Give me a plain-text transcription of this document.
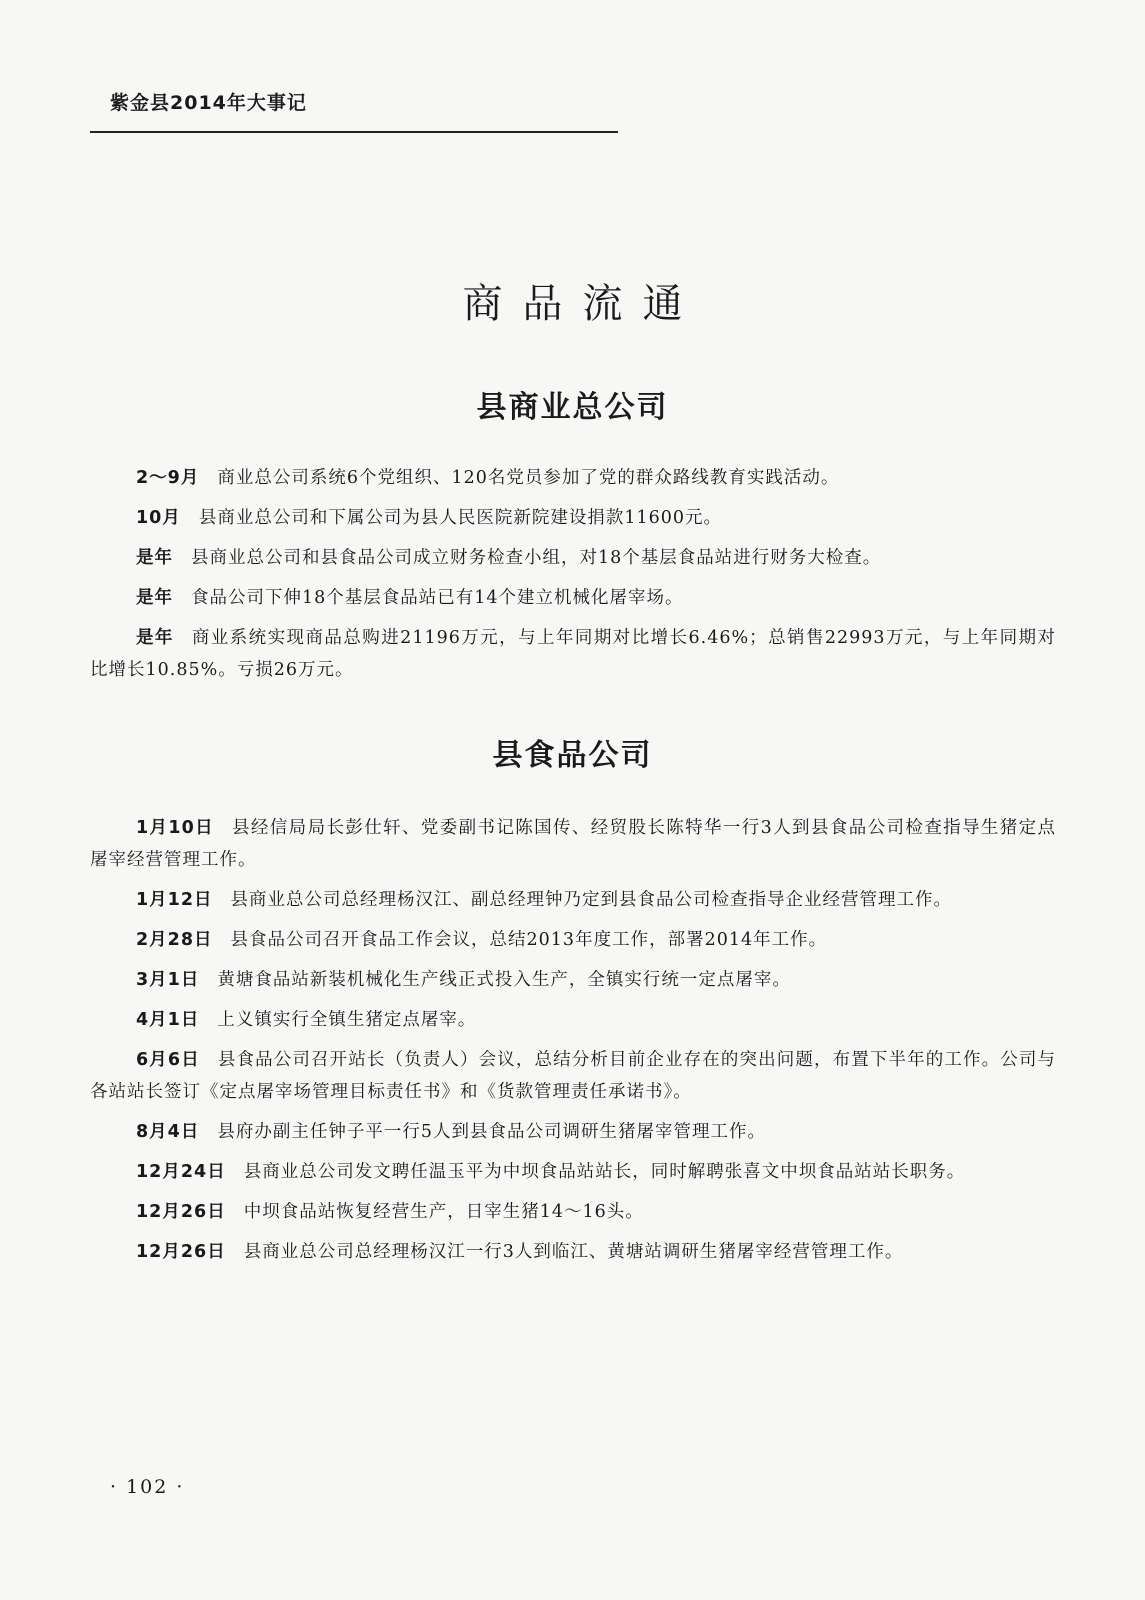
紫金县2014年大事记
商品流通
县商业总公司

2～9月 商业总公司系统6个党组织、120名党员参加了党的群众路线教育实践活动。

10月 县商业总公司和下属公司为县人民医院新院建设捐款11600元。

是年 县商业总公司和县食品公司成立财务检查小组，对18个基层食品站进行财务大检查。

是年 食品公司下伸18个基层食品站已有14个建立机械化屠宰场。

是年 商业系统实现商品总购进21196万元，与上年同期对比增长6.46%；总销售22993万元，与上年同期对比增长10.85%。亏损26万元。

县食品公司

1月10日 县经信局局长彭仕轩、党委副书记陈国传、经贸股长陈特华一行3人到县食品公司检查指导生猪定点屠宰经营管理工作。

1月12日 县商业总公司总经理杨汉江、副总经理钟乃定到县食品公司检查指导企业经营管理工作。

2月28日 县食品公司召开食品工作会议，总结2013年度工作，部署2014年工作。

3月1日 黄塘食品站新装机械化生产线正式投入生产，全镇实行统一定点屠宰。

4月1日 上义镇实行全镇生猪定点屠宰。

6月6日 县食品公司召开站长（负责人）会议，总结分析目前企业存在的突出问题，布置下半年的工作。公司与各站站长签订《定点屠宰场管理目标责任书》和《货款管理责任承诺书》。

8月4日 县府办副主任钟子平一行5人到县食品公司调研生猪屠宰管理工作。

12月24日 县商业总公司发文聘任温玉平为中坝食品站站长，同时解聘张喜文中坝食品站站长职务。

12月26日 中坝食品站恢复经营生产，日宰生猪14～16头。

12月26日 县商业总公司总经理杨汉江一行3人到临江、黄塘站调研生猪屠宰经营管理工作。

· 102 ·
